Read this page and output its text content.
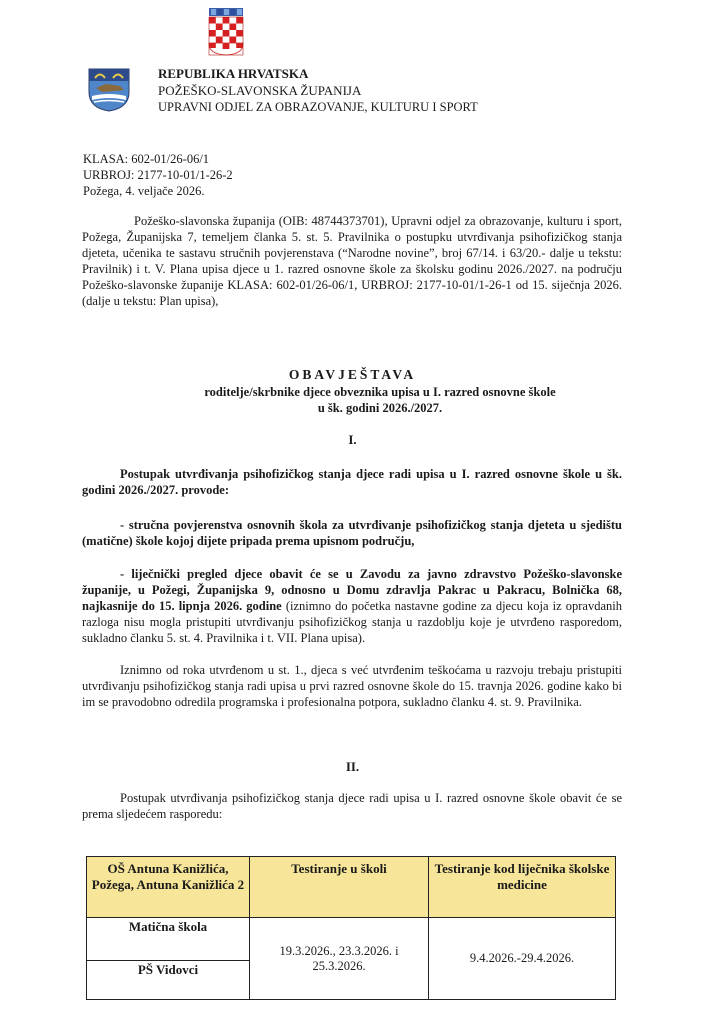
REPUBLIKA HRVATSKA

POŽEŠKO-SLAVONSKA ŽUPANIJA

UPRAVNI ODJEL ZA OBRAZOVANJE, KULTURU I SPORT

KLASA: 602-01/26-06/1

URBROJ: 2177-10-01/1-26-2

Požega, 4. veljače 2026.

Požeško-slavonska županija (OIB: 48744373701), Upravni odjel za obrazovanje, kulturu i sport, Požega, Županijska 7, temeljem članka 5. st. 5. Pravilnika o postupku utvrđivanja psihofizičkog stanja djeteta, učenika te sastavu stručnih povjerenstava (“Narodne novine”, broj 67/14. i 63/20.- dalje u tekstu: Pravilnik) i t. V. Plana upisa djece u 1. razred osnovne škole za školsku godinu 2026./2027. na području Požeško-slavonske županije KLASA: 602-01/26-06/1, URBROJ: 2177-10-01/1-26-1 od 15. siječnja 2026. (dalje u tekstu: Plan upisa),

OBAVJEŠTAVA

roditelje/skrbnike djece obveznika upisa u I. razred osnovne škole

u šk. godini 2026./2027.

I.

Postupak utvrđivanja psihofizičkog stanja djece radi upisa u I. razred osnovne škole u šk. godini 2026./2027. provode:

- stručna povjerenstva osnovnih škola za utvrđivanje psihofizičkog stanja djeteta u sjedištu (matične) škole kojoj dijete pripada prema upisnom području,

- liječnički pregled djece obavit će se u Zavodu za javno zdravstvo Požeško-slavonske županije, u Požegi, Županijska 9, odnosno u Domu zdravlja Pakrac u Pakracu, Bolnička 68, najkasnije do 15. lipnja 2026. godine (iznimno do početka nastavne godine za djecu koja iz opravdanih razloga nisu mogla pristupiti utvrđivanju psihofizičkog stanja u razdoblju koje je utvrđeno rasporedom, sukladno članku 5. st. 4. Pravilnika i t. VII. Plana upisa).

Iznimno od roka utvrđenom u st. 1., djeca s već utvrđenim teškoćama u razvoju trebaju pristupiti utvrđivanju psihofizičkog stanja radi upisa u prvi razred osnovne škole do 15. travnja 2026. godine kako bi im se pravodobno odredila programska i profesionalna potpora, sukladno članku 4. st. 9. Pravilnika.

II.

Postupak utvrđivanja psihofizičkog stanja djece radi upisa u I. razred osnovne škole obavit će se prema sljedećem rasporedu:

OŠ Antuna Kanižlića, Požega, Antuna Kanižlića 2	Testiranje u školi	Testiranje kod liječnika školske medicine
Matična škola	19.3.2026., 23.3.2026. i 25.3.2026.	9.4.2026.-29.4.2026.
PŠ Vidovci		
